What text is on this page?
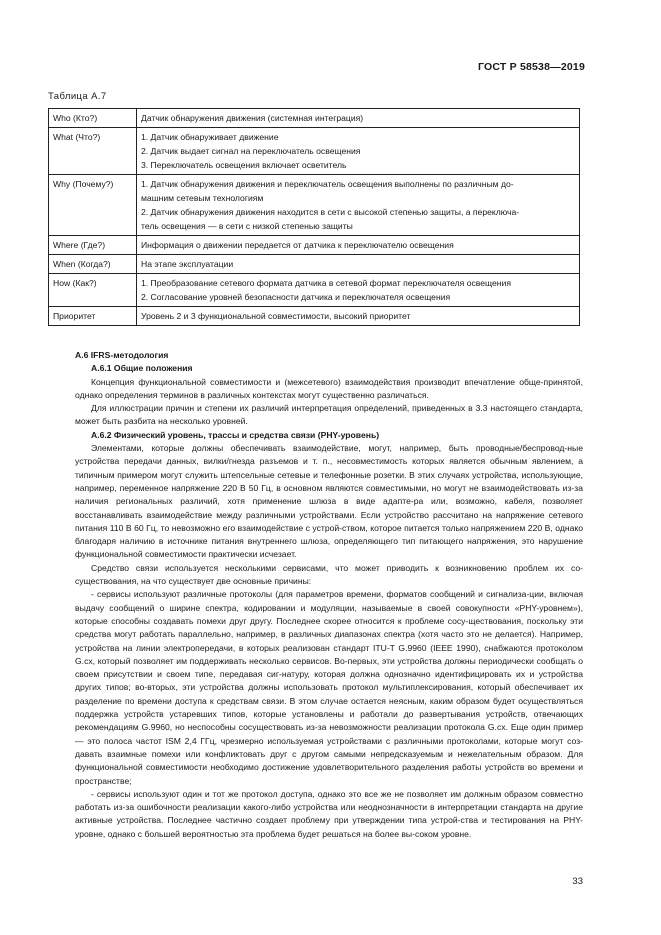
ГОСТ Р 58538—2019
Таблица А.7
Who (Кто?)	Датчик обнаружения движения (системная интеграция)

What (Что?)	1. Датчик обнаруживает движение
2. Датчик выдает сигнал на переключатель освещения
3. Переключатель освещения включает осветитель

Why (Почему?)	1. Датчик обнаружения движения и переключатель освещения выполнены по различным до-
машним сетевым технологиям
2. Датчик обнаружения движения находится в сети с высокой степенью защиты, а переключа-
тель освещения — в сети с низкой степенью защиты

Where (Где?)	Информация о движении передается от датчика к переключателю освещения

When (Когда?)	На этапе эксплуатации

How (Как?)	1. Преобразование сетевого формата датчика в сетевой формат переключателя освещения
2. Согласование уровней безопасности датчика и переключателя освещения

Приоритет	Уровень 2 и 3 функциональной совместимости, высокий приоритет

А.6 IFRS-методология

А.6.1 Общие положения

Концепция функциональной совместимости и (межсетевого) взаимодействия производит впечатление обще-принятой, однако определения терминов в различных контекстах могут существенно различаться.

Для иллюстрации причин и степени их различий интерпретация определений, приведенных в 3.3 настоящего стандарта, может быть разбита на несколько уровней.

А.6.2 Физический уровень, трассы и средства связи (PHY-уровень)

Элементами, которые должны обеспечивать взаимодействие, могут, например, быть проводные/беспровод-ные устройства передачи данных, вилки/гнезда разъемов и т. п., несовместимость которых является обычным явлением, а типичным примером могут служить штепсельные сетевые и телефонные розетки. В этих случаях устройства, использующие, например, переменное напряжение 220 В 50 Гц, в основном являются совместимыми, но могут не взаимодействовать из-за наличия региональных различий, хотя применение шлюза в виде адапте-ра или, возможно, кабеля, позволяет восстанавливать взаимодействие между различными устройствами. Если устройство рассчитано на напряжение сетевого питания 110 В 60 Гц, то невозможно его взаимодействие с устрой-ством, которое питается только напряжением 220 В, однако благодаря наличию в источнике питания внутреннего шлюза, определяющего тип питающего напряжения, это нарушение функциональной совместимости практически исчезает.

Средство связи используется несколькими сервисами, что может приводить к возникновению проблем их со-существования, на что существует две основные причины:

- сервисы используют различные протоколы (для параметров времени, форматов сообщений и сигнализа-ции, включая выдачу сообщений о ширине спектра, кодировании и модуляции, называемые в своей совокупности «PHY-уровнем»), которые способны создавать помехи друг другу. Последнее скорее относится к проблеме сосу-ществования, поскольку эти средства могут работать параллельно, например, в различных диапазонах спектра (хотя часто это не делается). Например, устройства на линии электропередачи, в которых реализован стандарт ITU-T G.9960 (IEEE 1990), снабжаются протоколом G.cx, который позволяет им поддерживать несколько сервисов. Во-первых, эти устройства должны периодически сообщать о своем присутствии и своем типе, передавая сиг-натуру, которая должна однозначно идентифицировать их и устройства других типов; во-вторых, эти устройства должны использовать протокол мультиплексирования, который обеспечивает их разделение по времени доступа к средствам связи. В этом случае остается неясным, каким образом будет осуществляться поддержка устройств устаревших типов, которые установлены и работали до развертывания устройств, отвечающих рекомендациям G.9960, но неспособны сосуществовать из-за невозможности реализации протокола G.cx. Еще один пример — это полоса частот ISM 2,4 ГГц, чрезмерно используемая устройствами с различными протоколами, которые могут соз-давать взаимные помехи или конфликтовать друг с другом самыми непредсказуемым и нежелательным образом. Для функциональной совместимости необходимо достижение удовлетворительного разделения работы устройств во времени и пространстве;

- сервисы используют один и тот же протокол доступа, однако это все же не позволяет им должным образом совместно работать из-за ошибочности реализации какого-либо устройства или неоднозначности в интерпретации стандарта на другие активные устройства. Последнее частично создает проблему при утверждении типа устрой-ства и тестирования на PHY-уровне, однако с большей вероятностью эта проблема будет решаться на более вы-соком уровне.

33
